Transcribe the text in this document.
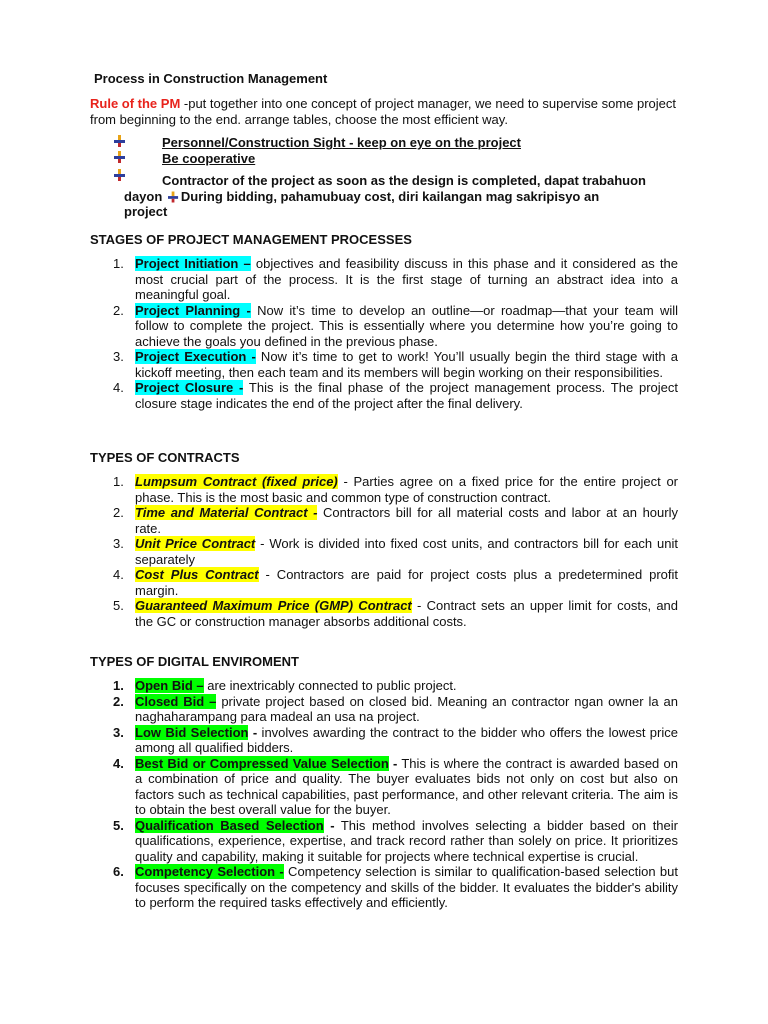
Process in Construction Management
Rule of the PM -put together into one concept of project manager, we need to supervise some project from beginning to the end. arrange tables, choose the most efficient way.
Personnel/Construction Sight - keep on eye on the project
Be cooperative
Contractor of the project as soon as the design is completed, dapat trabahuon
dayon During bidding, pahamubuay cost, diri kailangan mag sakripisyo an
project
STAGES OF PROJECT MANAGEMENT PROCESSES
1. Project Initiation – objectives and feasibility discuss in this phase and it considered as the most crucial part of the process. It is the first stage of turning an abstract idea into a meaningful goal.
2. Project Planning - Now it’s time to develop an outline—or roadmap—that your team will follow to complete the project. This is essentially where you determine how you’re going to achieve the goals you defined in the previous phase.
3. Project Execution - Now it’s time to get to work! You’ll usually begin the third stage with a kickoff meeting, then each team and its members will begin working on their responsibilities.
4. Project Closure - This is the final phase of the project management process. The project closure stage indicates the end of the project after the final delivery.
TYPES OF CONTRACTS
1. Lumpsum Contract (fixed price) - Parties agree on a fixed price for the entire project or phase. This is the most basic and common type of construction contract.
2. Time and Material Contract - Contractors bill for all material costs and labor at an hourly rate.
3. Unit Price Contract - Work is divided into fixed cost units, and contractors bill for each unit separately
4. Cost Plus Contract - Contractors are paid for project costs plus a predetermined profit margin.
5. Guaranteed Maximum Price (GMP) Contract - Contract sets an upper limit for costs, and the GC or construction manager absorbs additional costs.
TYPES OF DIGITAL ENVIROMENT
1. Open Bid – are inextricably connected to public project.
2. Closed Bid – private project based on closed bid. Meaning an contractor ngan owner la an naghaharampang para madeal an usa na project.
3. Low Bid Selection - involves awarding the contract to the bidder who offers the lowest price among all qualified bidders.
4. Best Bid or Compressed Value Selection - This is where the contract is awarded based on a combination of price and quality. The buyer evaluates bids not only on cost but also on factors such as technical capabilities, past performance, and other relevant criteria. The aim is to obtain the best overall value for the buyer.
5. Qualification Based Selection - This method involves selecting a bidder based on their qualifications, experience, expertise, and track record rather than solely on price. It prioritizes quality and capability, making it suitable for projects where technical expertise is crucial.
6. Competency Selection - Competency selection is similar to qualification-based selection but focuses specifically on the competency and skills of the bidder. It evaluates the bidder's ability to perform the required tasks effectively and efficiently.
